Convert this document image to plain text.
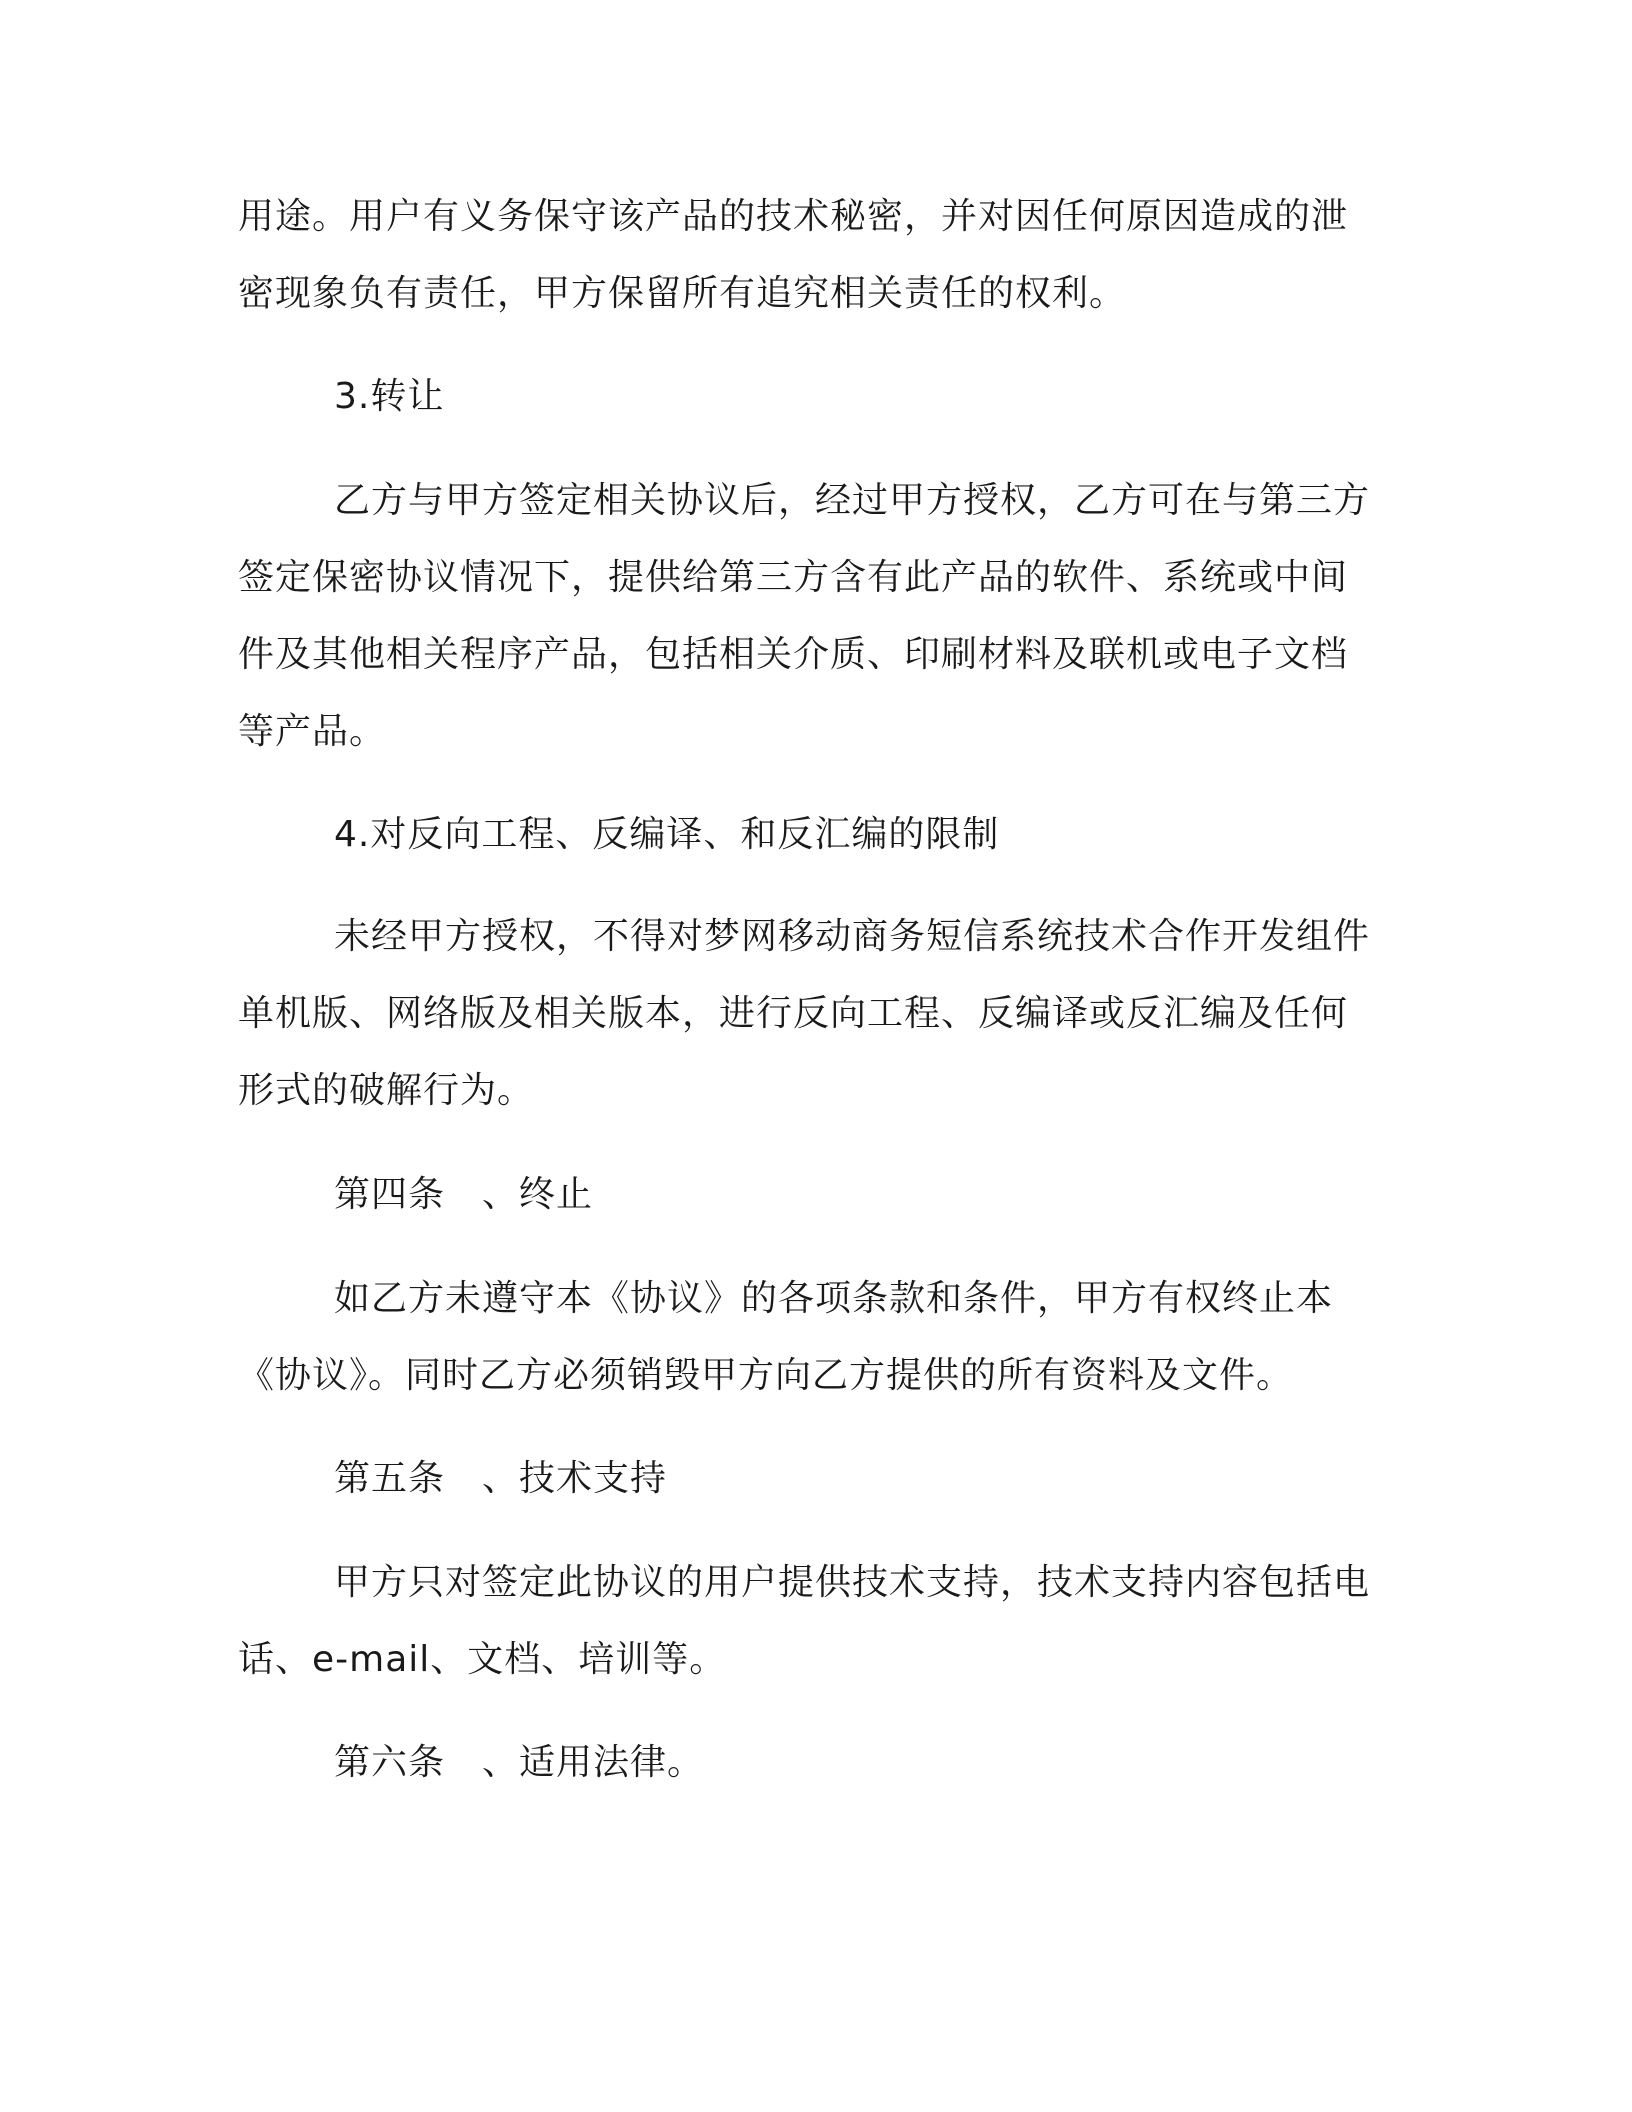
用途。用户有义务保守该产品的技术秘密，并对因任何原因造成的泄
密现象负有责任，甲方保留所有追究相关责任的权利。
3.转让
乙方与甲方签定相关协议后，经过甲方授权，乙方可在与第三方
签定保密协议情况下，提供给第三方含有此产品的软件、系统或中间
件及其他相关程序产品，包括相关介质、印刷材料及联机或电子文档
等产品。
4.对反向工程、反编译、和反汇编的限制
未经甲方授权，不得对梦网移动商务短信系统技术合作开发组件
单机版、网络版及相关版本，进行反向工程、反编译或反汇编及任何
形式的破解行为。
第四条　、终止
如乙方未遵守本《协议》的各项条款和条件，甲方有权终止本
《协议》。同时乙方必须销毁甲方向乙方提供的所有资料及文件。
第五条　、技术支持
甲方只对签定此协议的用户提供技术支持，技术支持内容包括电
话、e-mail、文档、培训等。
第六条　、适用法律。
